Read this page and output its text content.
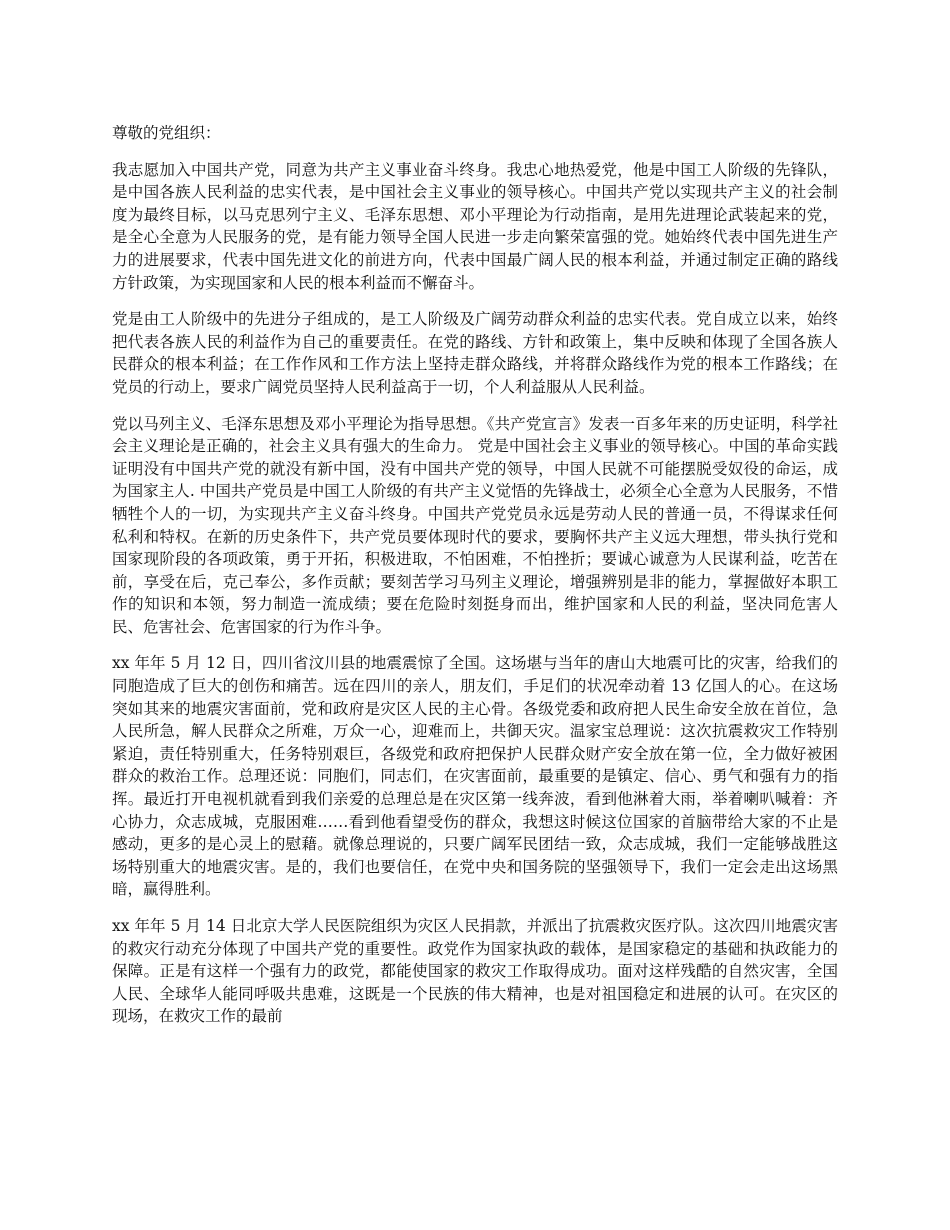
尊敬的党组织：

我志愿加入中国共产党，同意为共产主义事业奋斗终身。我忠心地热爱党，他是中国工人阶级的先锋队，是中国各族人民利益的忠实代表，是中国社会主义事业的领导核心。中国共产党以实现共产主义的社会制度为最终目标，以马克思列宁主义、毛泽东思想、邓小平理论为行动指南，是用先进理论武装起来的党，是全心全意为人民服务的党，是有能力领导全国人民进一步走向繁荣富强的党。她始终代表中国先进生产力的进展要求，代表中国先进文化的前进方向，代表中国最广阔人民的根本利益，并通过制定正确的路线方针政策，为实现国家和人民的根本利益而不懈奋斗。

党是由工人阶级中的先进分子组成的，是工人阶级及广阔劳动群众利益的忠实代表。党自成立以来，始终把代表各族人民的利益作为自己的重要责任。在党的路线、方针和政策上，集中反映和体现了全国各族人民群众的根本利益；在工作作风和工作方法上坚持走群众路线，并将群众路线作为党的根本工作路线；在党员的行动上，要求广阔党员坚持人民利益高于一切，个人利益服从人民利益。

党以马列主义、毛泽东思想及邓小平理论为指导思想。《共产党宣言》发表一百多年来的历史证明，科学社会主义理论是正确的，社会主义具有强大的生命力。 党是中国社会主义事业的领导核心。中国的革命实践证明没有中国共产党的就没有新中国，没有中国共产党的领导，中国人民就不可能摆脱受奴役的命运，成为国家主人. 中国共产党员是中国工人阶级的有共产主义觉悟的先锋战士，必须全心全意为人民服务，不惜牺牲个人的一切，为实现共产主义奋斗终身。中国共产党党员永远是劳动人民的普通一员，不得谋求任何私利和特权。在新的历史条件下，共产党员要体现时代的要求，要胸怀共产主义远大理想，带头执行党和国家现阶段的各项政策，勇于开拓，积极进取，不怕困难，不怕挫折；要诚心诚意为人民谋利益，吃苦在前，享受在后，克己奉公，多作贡献；要刻苦学习马列主义理论，增强辨别是非的能力，掌握做好本职工作的知识和本领，努力制造一流成绩；要在危险时刻挺身而出，维护国家和人民的利益，坚决同危害人民、危害社会、危害国家的行为作斗争。

xx 年年 5 月 12 日，四川省汶川县的地震震惊了全国。这场堪与当年的唐山大地震可比的灾害，给我们的同胞造成了巨大的创伤和痛苦。远在四川的亲人，朋友们，手足们的状况牵动着 13 亿国人的心。在这场突如其来的地震灾害面前，党和政府是灾区人民的主心骨。各级党委和政府把人民生命安全放在首位，急人民所急，解人民群众之所难，万众一心，迎难而上，共御天灾。温家宝总理说：这次抗震救灾工作特别紧迫，责任特别重大，任务特别艰巨，各级党和政府把保护人民群众财产安全放在第一位，全力做好被困群众的救治工作。总理还说：同胞们，同志们，在灾害面前，最重要的是镇定、信心、勇气和强有力的指挥。最近打开电视机就看到我们亲爱的总理总是在灾区第一线奔波，看到他淋着大雨，举着喇叭喊着：齐心协力，众志成城，克服困难……看到他看望受伤的群众，我想这时候这位国家的首脑带给大家的不止是感动，更多的是心灵上的慰藉。就像总理说的，只要广阔军民团结一致，众志成城，我们一定能够战胜这场特别重大的地震灾害。是的，我们也要信任，在党中央和国务院的坚强领导下，我们一定会走出这场黑暗，赢得胜利。

xx 年年 5 月 14 日北京大学人民医院组织为灾区人民捐款，并派出了抗震救灾医疗队。这次四川地震灾害的救灾行动充分体现了中国共产党的重要性。政党作为国家执政的载体，是国家稳定的基础和执政能力的保障。正是有这样一个强有力的政党，都能使国家的救灾工作取得成功。面对这样残酷的自然灾害，全国人民、全球华人能同呼吸共患难，这既是一个民族的伟大精神，也是对祖国稳定和进展的认可。在灾区的现场，在救灾工作的最前
